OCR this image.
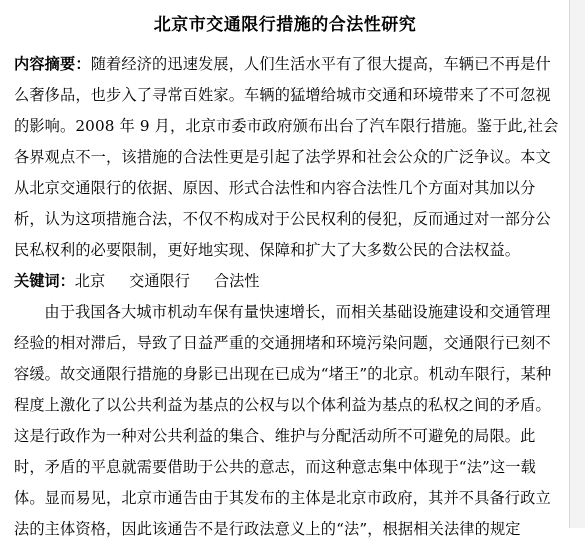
北京市交通限行措施的合法性研究
内容摘要：随着经济的迅速发展，人们生活水平有了很大提高，车辆已不再是什么奢侈品，也步入了寻常百姓家。车辆的猛增给城市交通和环境带来了不可忽视的影响。2008 年 9 月，北京市委市政府颁布出台了汽车限行措施。鉴于此,社会各界观点不一，该措施的合法性更是引起了法学界和社会公众的广泛争议。本文从北京交通限行的依据、原因、形式合法性和内容合法性几个方面对其加以分析，认为这项措施合法，不仅不构成对于公民权利的侵犯，反而通过对一部分公民私权利的必要限制，更好地实现、保障和扩大了大多数公民的合法权益。
关键词：北京 交通限行 合法性
由于我国各大城市机动车保有量快速增长，而相关基础设施建设和交通管理经验的相对滞后，导致了日益严重的交通拥堵和环境污染问题，交通限行已刻不容缓。故交通限行措施的身影已出现在已成为“堵王”的北京。机动车限行，某种程度上激化了以公共利益为基点的公权与以个体利益为基点的私权之间的矛盾。这是行政作为一种对公共利益的集合、维护与分配活动所不可避免的局限。此时，矛盾的平息就需要借助于公共的意志，而这种意志集中体现于“法”这一载体。显而易见，北京市通告由于其发布的主体是北京市政府，其并不具备行政立法的主体资格，因此该通告不是行政法意义上的“法”，根据相关法律的规定
